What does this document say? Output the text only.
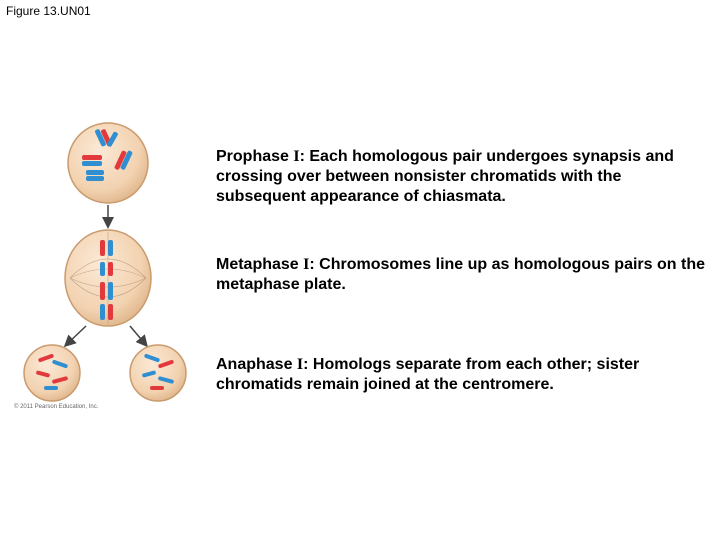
Figure 13.UN01
© 2011 Pearson Education, Inc.
Prophase I: Each homologous pair undergoes synapsis and crossing over between nonsister chromatids with the subsequent appearance of chiasmata.
Metaphase I: Chromosomes line up as homologous pairs on the metaphase plate.
Anaphase I: Homologs separate from each other; sister chromatids remain joined at the centromere.
